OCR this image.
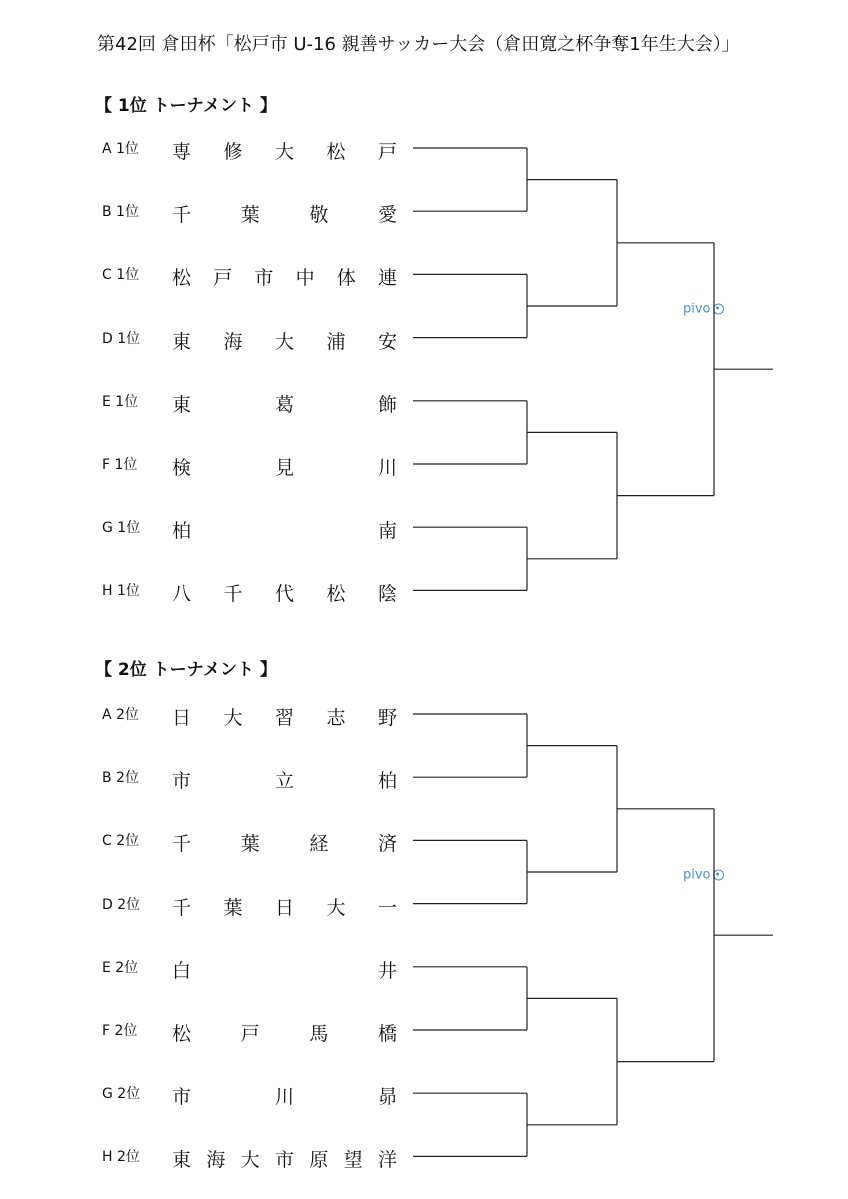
第42回 倉田杯「松戸市 U-16 親善サッカー大会（倉田寛之杯争奪1年生大会）」
【 1位 トーナメント 】
A 1位	専 修 大 松 戸
B 1位	千	葉	敬	愛
C 1位	松 戸 市 中 体 連
D 1位	東 海 大 浦 安
E 1位	東	葛	飾
F 1位	検	見	川
G 1位	柏	南
H 1位	八 千 代 松 陰
pivo
【 2位 トーナメント 】
A 2位	日 大 習 志 野
B 2位	市	立	柏
C 2位	千	葉	経	済
D 2位	千 葉 日 大 一
E 2位	白	井
F 2位	松	戸	馬	橋
G 2位	市	川	昴
H 2位	東 海 大 市 原 望 洋
pivo
